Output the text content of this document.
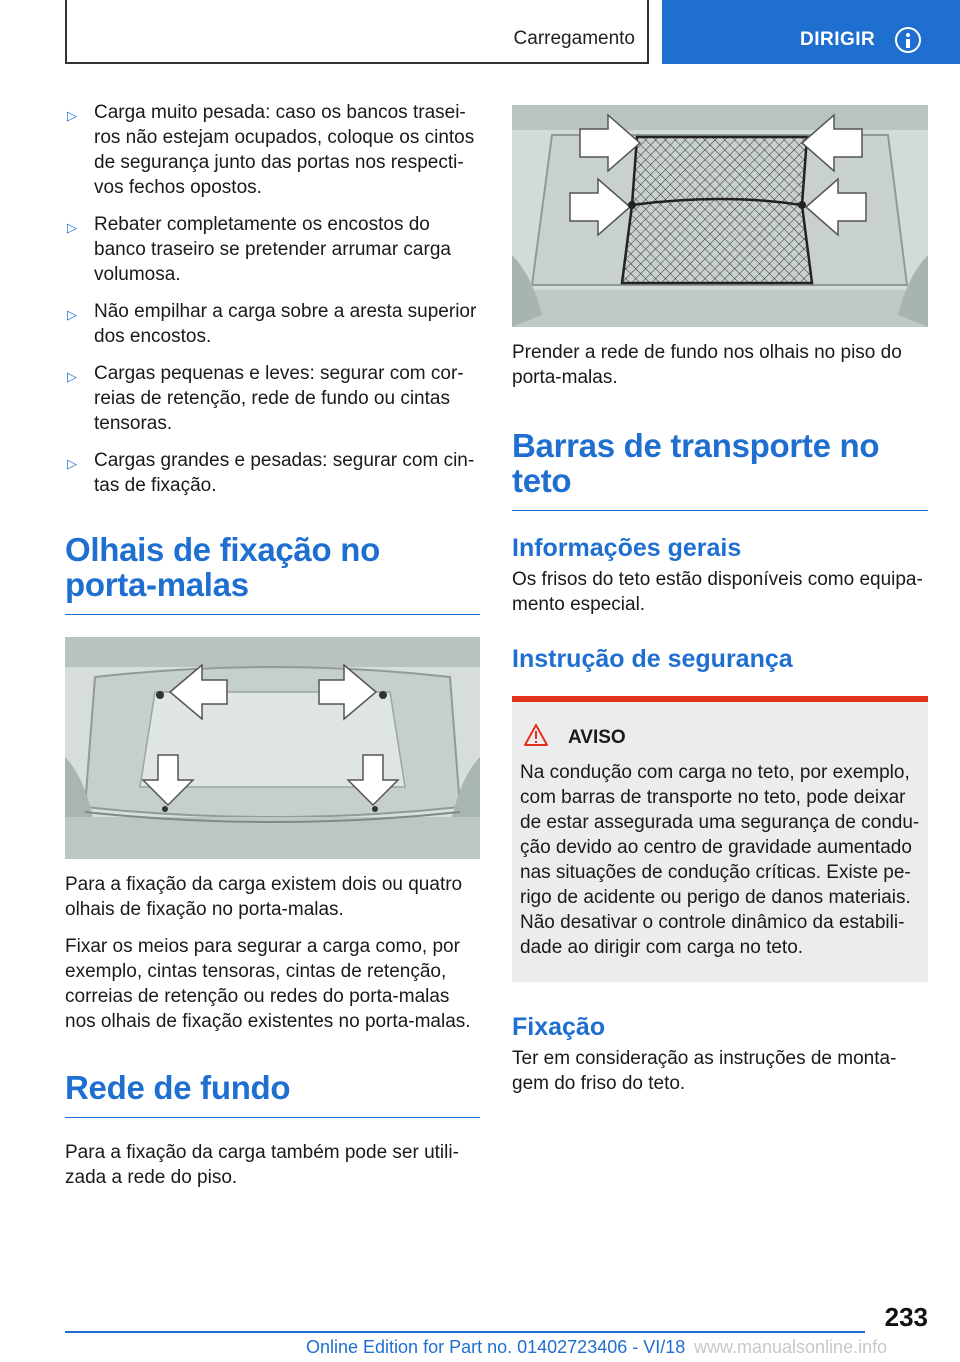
Carregamento	DIRIGIR
▷ Carga muito pesada: caso os bancos trasei-ros não estejam ocupados, coloque os cintos de segurança junto das portas nos respecti-vos fechos opostos.
▷ Rebater completamente os encostos do banco traseiro se pretender arrumar carga volumosa.
▷ Não empilhar a carga sobre a aresta superior dos encostos.
▷ Cargas pequenas e leves: segurar com cor-reias de retenção, rede de fundo ou cintas tensoras.
▷ Cargas grandes e pesadas: segurar com cin-tas de fixação.
Olhais de fixação no porta-malas

Para a fixação da carga existem dois ou quatro olhais de fixação no porta-malas.

Fixar os meios para segurar a carga como, por exemplo, cintas tensoras, cintas de retenção, correias de retenção ou redes do porta-malas nos olhais de fixação existentes no porta-malas.

Rede de fundo

Para a fixação da carga também pode ser utili-zada a rede do piso.

Prender a rede de fundo nos olhais no piso do porta-malas.

Barras de transporte no teto
Informações gerais

Os frisos do teto estão disponíveis como equipa-mento especial.

Instrução de segurança
AVISO

Na condução com carga no teto, por exemplo, com barras de transporte no teto, pode deixar de estar assegurada uma segurança de condu-ção devido ao centro de gravidade aumentado nas situações de condução críticas. Existe pe-rigo de acidente ou perigo de danos materiais. Não desativar o controle dinâmico da estabili-dade ao dirigir com carga no teto.

Fixação

Ter em consideração as instruções de monta-gem do friso do teto.

233
Online Edition for Part no. 01402723406 - VI/18 www.manualsonline.info
